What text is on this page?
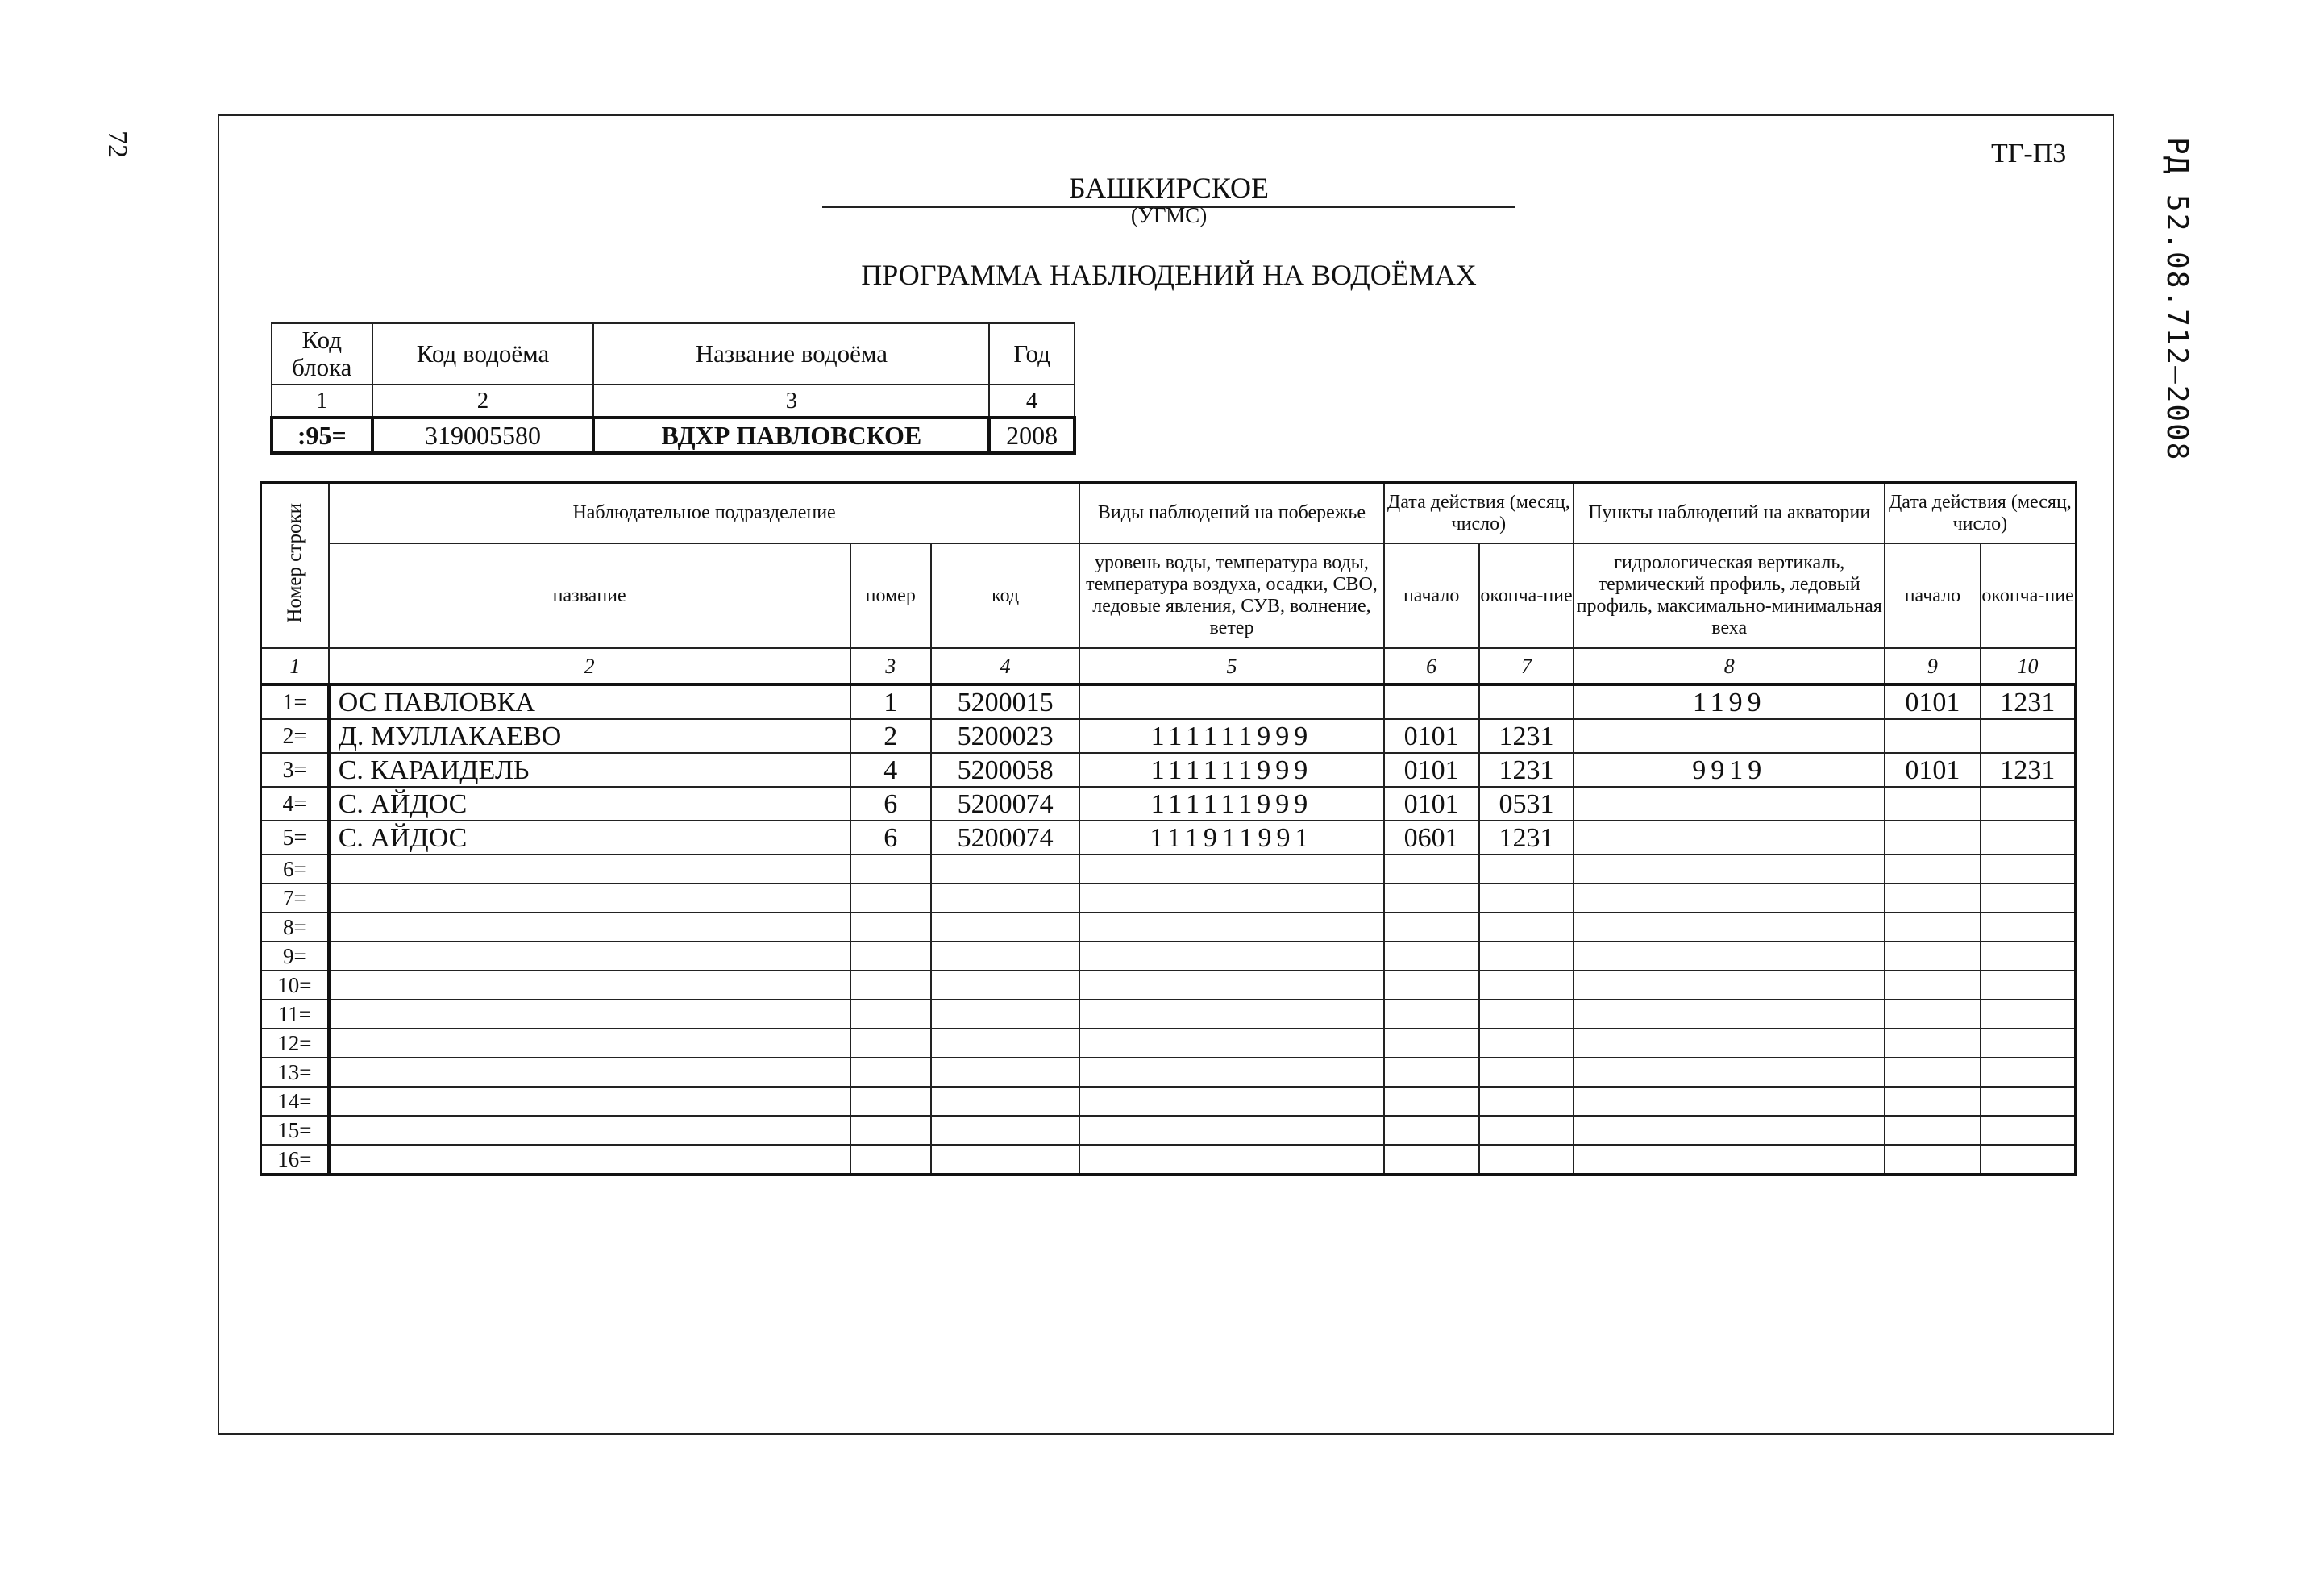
72	РД 52.08.712–2008
ТГ-П3
БАШКИРСКОЕ
(УГМС)
ПРОГРАММА НАБЛЮДЕНИЙ НА ВОДОЁМАХ
Код блока	Код водоёма	Название водоёма	Год
1	2	3	4
:95=	319005580	ВДХР ПАВЛОВСКОЕ	2008
Номер строки	Наблюдательное подразделение			Виды наблюдений на побережье	Дата действия (месяц, число)		Пункты наблюдений на акватории	Дата действия (месяц, число)	
	название	номер	код	уровень воды, температура воды, температура воздуха, осадки, СВО, ледовые явления, СУВ, волнение, ветер	начало	оконча-ние	гидрологическая вертикаль, термический профиль, ледовый профиль, максимально-минимальная веха	начало	оконча-ние
1	2	3	4	5	6	7	8	9	10
1=	ОС ПАВЛОВКА	1	5200015				1199	0101	1231
2=	Д. МУЛЛАКАЕВО	2	5200023	111111999	0101	1231			
3=	С. КАРАИДЕЛЬ	4	5200058	111111999	0101	1231	9919	0101	1231
4=	С. АЙДОС	6	5200074	111111999	0101	0531			
5=	С. АЙДОС	6	5200074	111911991	0601	1231			
6=									
7=									
8=									
9=									
10=									
11=									
12=									
13=									
14=									
15=									
16=									
